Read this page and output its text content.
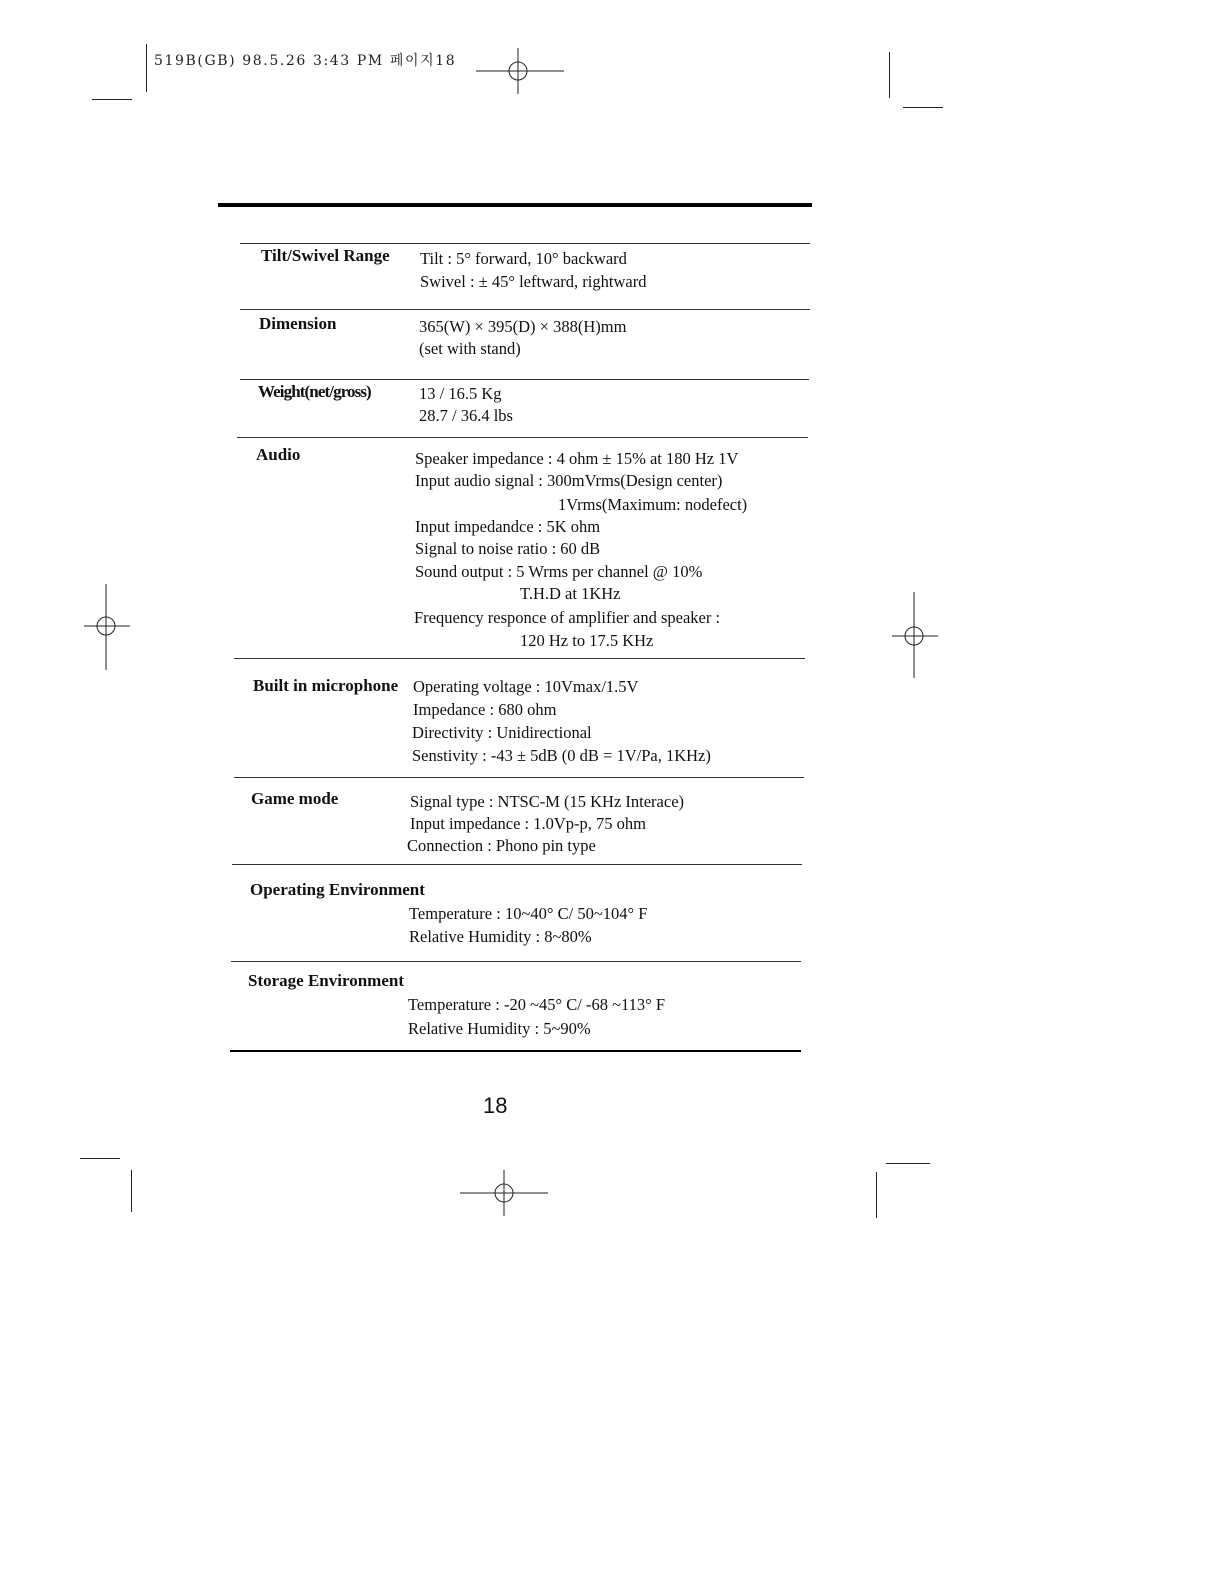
519B(GB) 98.5.26 3:43 PM 페이지18
Tilt/Swivel Range Tilt : 5° forward, 10° backward
Swivel : ± 45° leftward, rightward
Dimension	365(W) × 395(D) × 388(H)mm
(set with stand)
Weight(net/gross)	13 / 16.5 Kg
28.7 / 36.4 lbs
Audio	Speaker impedance : 4 ohm ± 15% at 180 Hz 1V
Input audio signal : 300mVrms(Design center)
1Vrms(Maximum: nodefect)
Input impedandce : 5K ohm
Signal to noise ratio : 60 dB
Sound output : 5 Wrms per channel @ 10%
T.H.D at 1KHz
Frequency responce of amplifier and speaker :
120 Hz to 17.5 KHz
Built in microphone Operating voltage : 10Vmax/1.5V
Impedance : 680 ohm
Directivity : Unidirectional
Senstivity : -43 ± 5dB (0 dB = 1V/Pa, 1KHz)
Game mode	Signal type : NTSC-M (15 KHz Interace)
Input impedance : 1.0Vp-p, 75 ohm
Connection : Phono pin type
Operating Environment
Temperature : 10~40° C/ 50~104° F
Relative Humidity : 8~80%
Storage Environment
Temperature : -20 ~45° C/ -68 ~113° F
Relative Humidity : 5~90%
18
